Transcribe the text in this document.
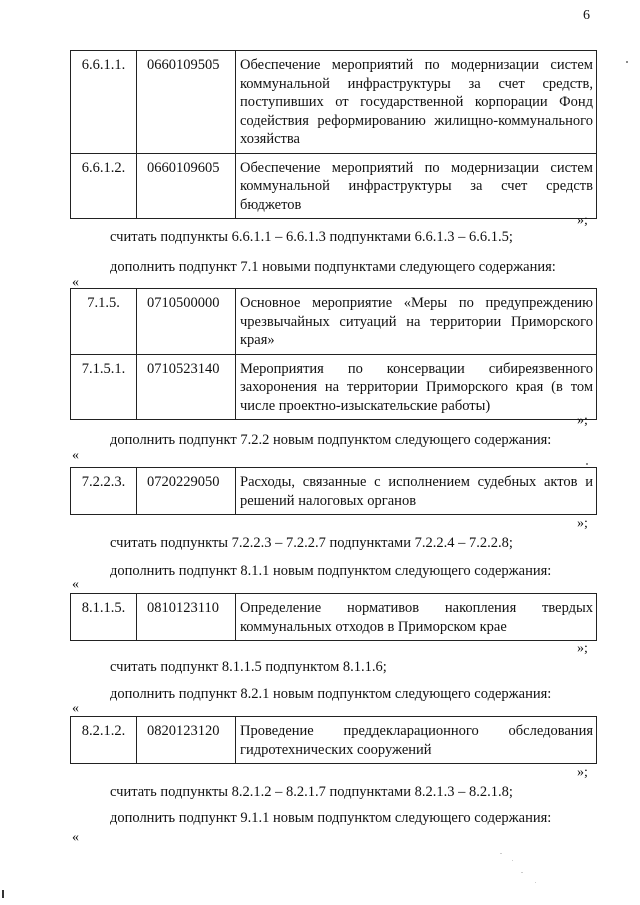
6
6.6.1.1.	0660109505	Обеспечение мероприятий по модернизации систем коммунальной инфраструктуры за счет средств, поступивших от государственной корпорации Фонд содействия реформированию жилищно-коммунального хозяйства
6.6.1.2.	0660109605	Обеспечение мероприятий по модернизации систем коммунальной инфраструктуры за счет средств бюджетов
»;
считать подпункты 6.6.1.1 – 6.6.1.3 подпунктами 6.6.1.3 – 6.6.1.5;
дополнить подпункт 7.1 новыми подпунктами следующего содержания:
«
7.1.5.	0710500000	Основное мероприятие «Меры по предупреждению чрезвычайных ситуаций на территории Приморского края»
7.1.5.1.	0710523140	Мероприятия по консервации сибиреязвенного захоронения на территории Приморского края (в том числе проектно-изыскательские работы)
»;
дополнить подпункт 7.2.2 новым подпунктом следующего содержания:
«
7.2.2.3.	0720229050	Расходы, связанные с исполнением судебных актов и решений налоговых органов
»;
считать подпункты 7.2.2.3 – 7.2.2.7 подпунктами 7.2.2.4 – 7.2.2.8;
дополнить подпункт 8.1.1 новым подпунктом следующего содержания:
«
8.1.1.5.	0810123110	Определение нормативов накопления твердых коммунальных отходов в Приморском крае
»;
считать подпункт 8.1.1.5 подпунктом 8.1.1.6;
дополнить подпункт 8.2.1 новым подпунктом следующего содержания:
«
8.2.1.2.	0820123120	Проведение преддекларационного обследования гидротехнических сооружений
»;
считать подпункты 8.2.1.2 – 8.2.1.7 подпунктами 8.2.1.3 – 8.2.1.8;
дополнить подпункт 9.1.1 новым подпунктом следующего содержания:
«
